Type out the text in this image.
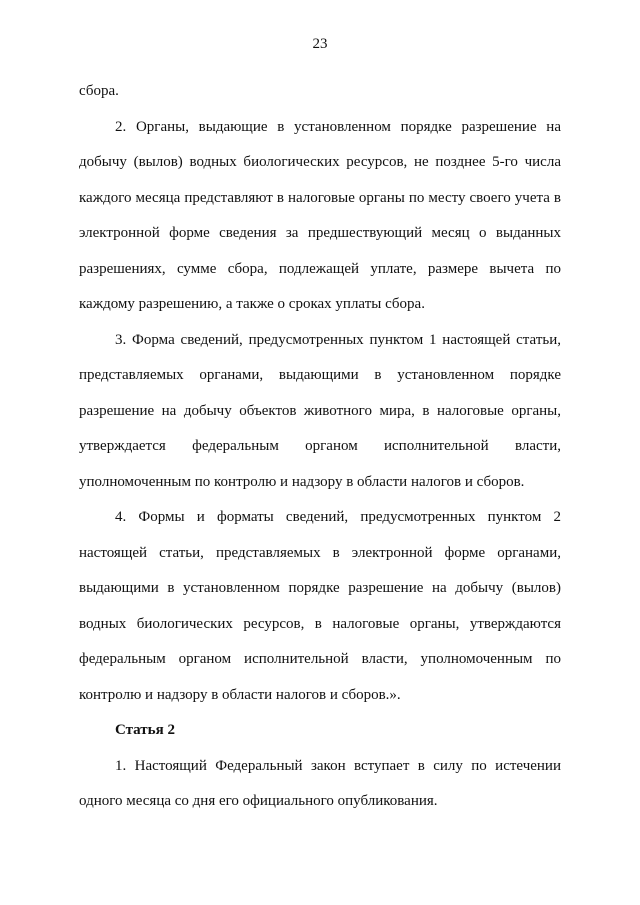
23

сбора.

2. Органы, выдающие в установленном порядке разрешение на добычу (вылов) водных биологических ресурсов, не позднее 5-го числа каждого месяца представляют в налоговые органы по месту своего учета в электронной форме сведения за предшествующий месяц о выданных разрешениях, сумме сбора, подлежащей уплате, размере вычета по каждому разрешению, а также о сроках уплаты сбора.

3. Форма сведений, предусмотренных пунктом 1 настоящей статьи, представляемых органами, выдающими в установленном порядке разрешение на добычу объектов животного мира, в налоговые органы, утверждается федеральным органом исполнительной власти, уполномоченным по контролю и надзору в области налогов и сборов.

4. Формы и форматы сведений, предусмотренных пунктом 2 настоящей статьи, представляемых в электронной форме органами, выдающими в установленном порядке разрешение на добычу (вылов) водных биологических ресурсов, в налоговые органы, утверждаются федеральным органом исполнительной власти, уполномоченным по контролю и надзору в области налогов и сборов.».

Статья 2

1. Настоящий Федеральный закон вступает в силу по истечении одного месяца со дня его официального опубликования.
